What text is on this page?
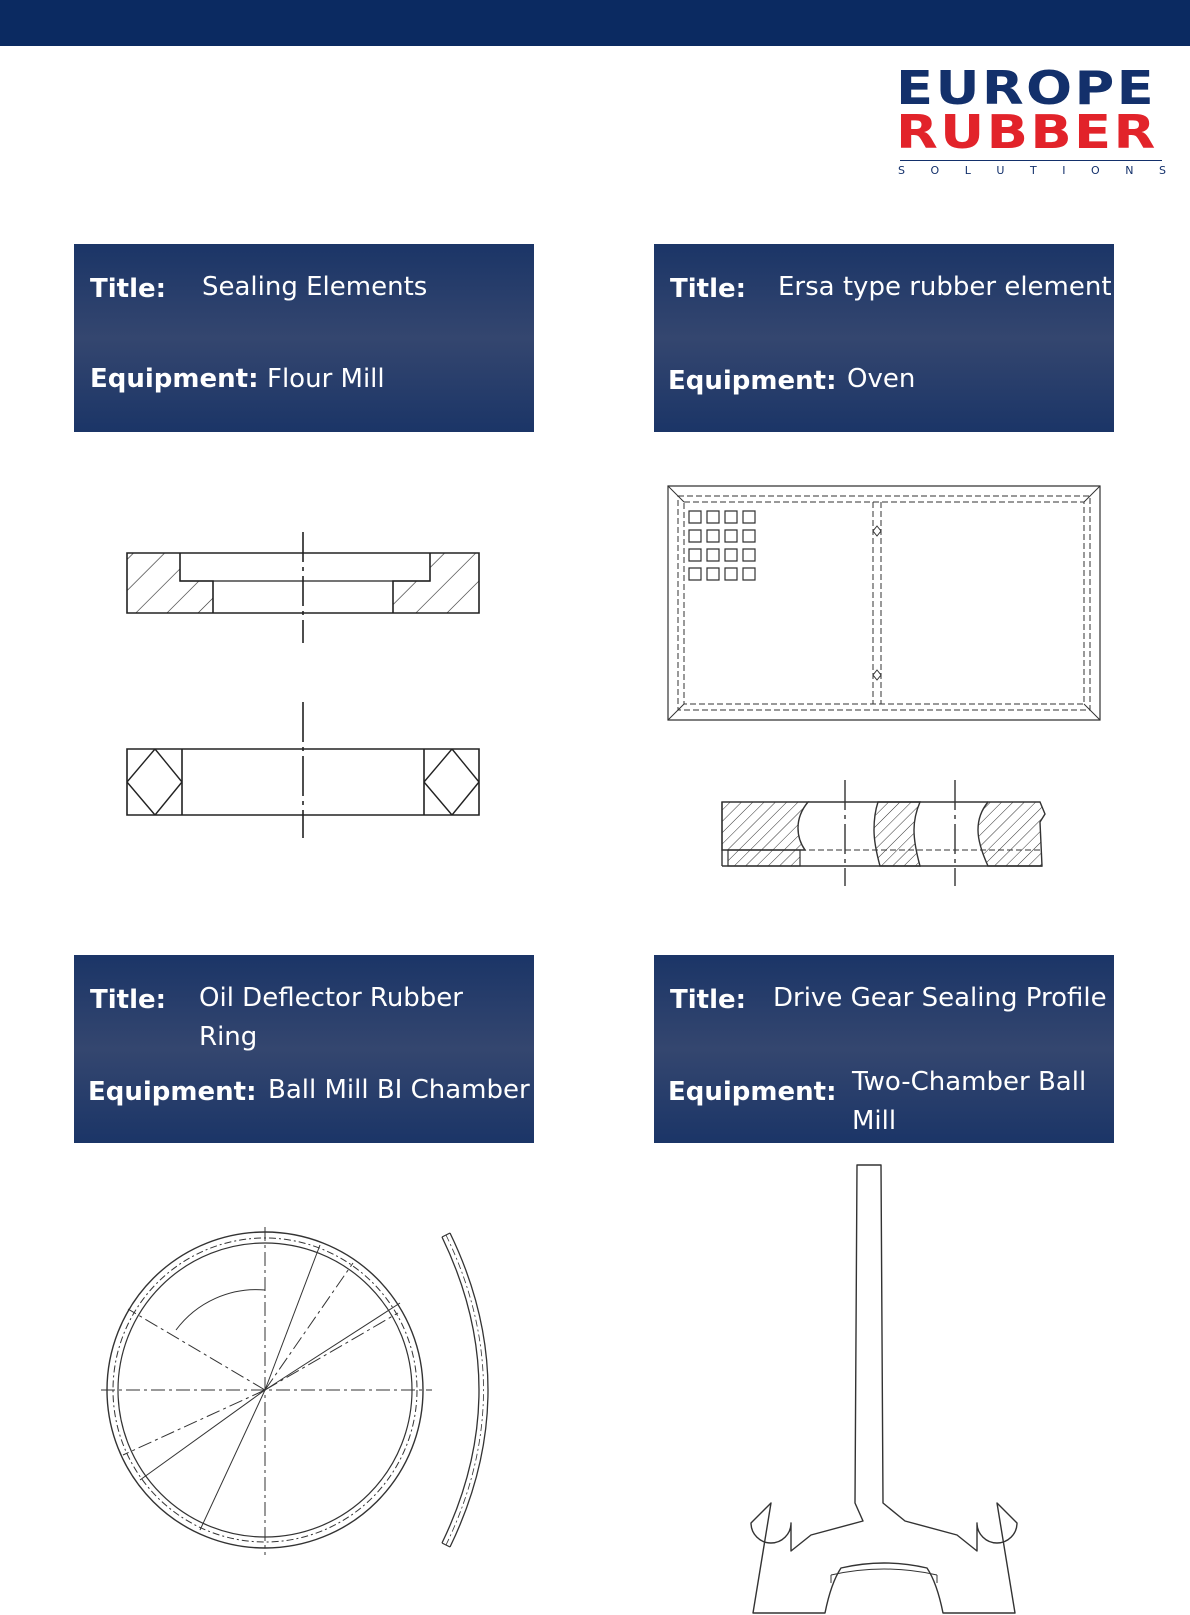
EUROPE
RUBBER
S O L U T I O N S
Title: Sealing Elements
Equipment: Flour Mill
Title: Ersa type rubber element
Equipment: Oven
Title: Oil Deflector Rubber Ring
Equipment: Ball Mill BI Chamber
Title: Drive Gear Sealing Profile
Equipment: Two-Chamber Ball Mill
